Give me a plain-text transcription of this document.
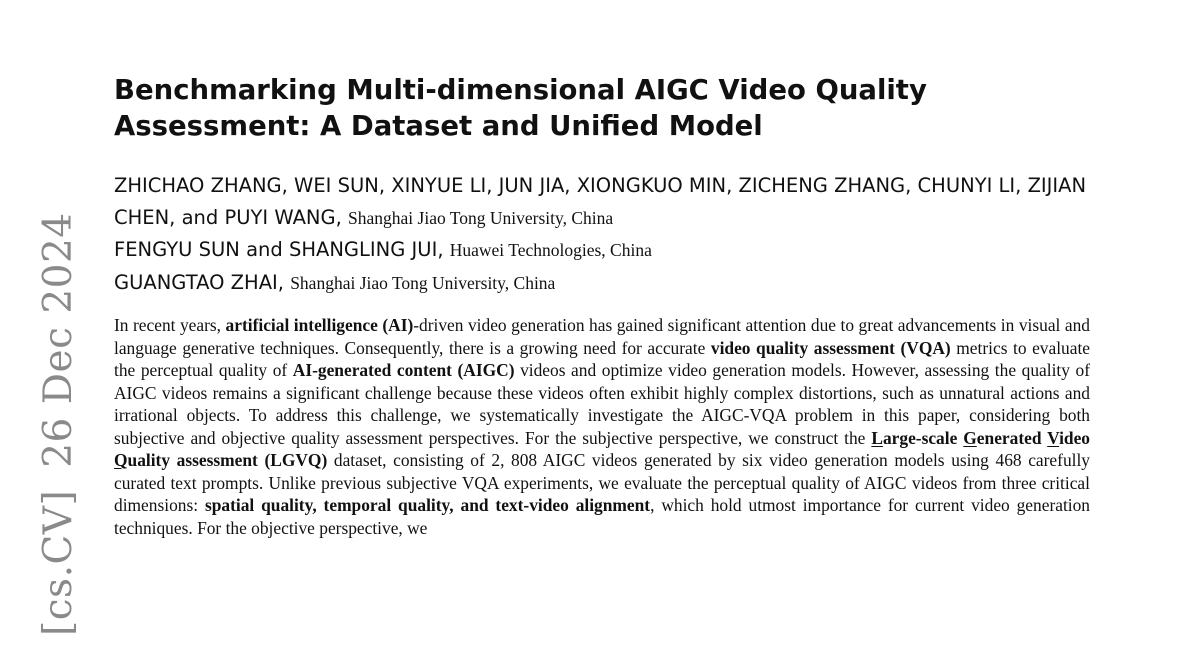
[cs.CV]26 Dec 2024
Benchmarking Multi-dimensional AIGC Video Quality Assessment: A Dataset and Unified Model
ZHICHAO ZHANG, WEI SUN, XINYUE LI, JUN JIA, XIONGKUO MIN, ZICHENG ZHANG, CHUNYI LI, ZIJIAN CHEN, and PUYI WANG, Shanghai Jiao Tong University, China
FENGYU SUN and SHANGLING JUI, Huawei Technologies, China
GUANGTAO ZHAI, Shanghai Jiao Tong University, China

In recent years, artificial intelligence (AI)-driven video generation has gained significant attention due to great advancements in visual and language generative techniques. Consequently, there is a growing need for accurate video quality assessment (VQA) metrics to evaluate the perceptual quality of AI-generated content (AIGC) videos and optimize video generation models. However, assessing the quality of AIGC videos remains a significant challenge because these videos often exhibit highly complex distortions, such as unnatural actions and irrational objects. To address this challenge, we systematically investigate the AIGC-VQA problem in this paper, considering both subjective and objective quality assessment perspectives. For the subjective perspective, we construct the Large-scale Generated Video Quality assessment (LGVQ) dataset, consisting of 2, 808 AIGC videos generated by six video generation models using 468 carefully curated text prompts. Unlike previous subjective VQA experiments, we evaluate the perceptual quality of AIGC videos from three critical dimensions: spatial quality, temporal quality, and text-video alignment, which hold utmost importance for current video generation techniques. For the objective perspective, we
